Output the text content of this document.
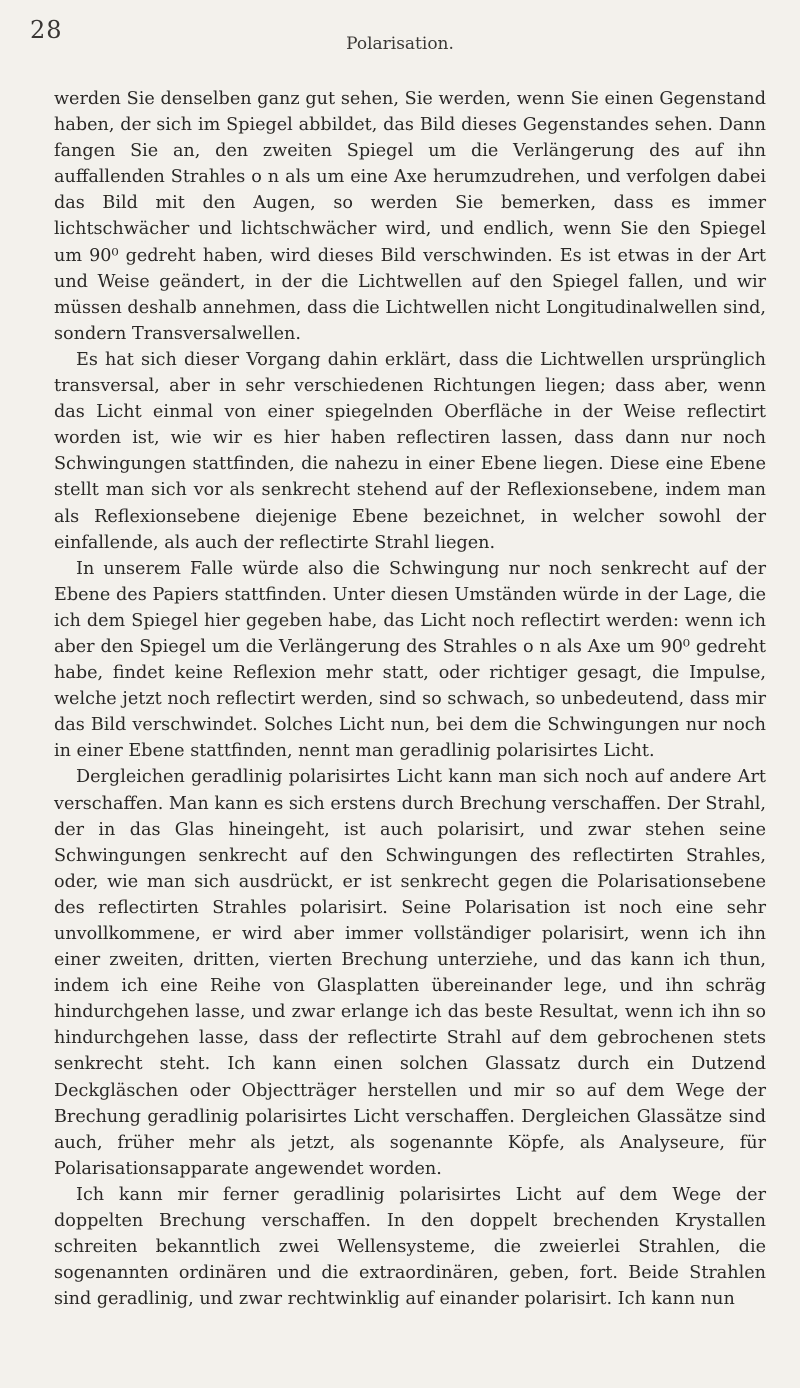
28	Polarisation.

werden Sie denselben ganz gut sehen, Sie werden, wenn Sie einen Gegenstand haben, der sich im Spiegel abbildet, das Bild dieses Gegenstandes sehen. Dann fangen Sie an, den zweiten Spiegel um die Verlängerung des auf ihn auffallenden Strahles o n als um eine Axe herumzudrehen, und verfolgen dabei das Bild mit den Augen, so werden Sie bemerken, dass es immer lichtschwächer und lichtschwächer wird, und endlich, wenn Sie den Spiegel um 90⁰ gedreht haben, wird dieses Bild verschwinden. Es ist etwas in der Art und Weise geändert, in der die Lichtwellen auf den Spiegel fallen, und wir müssen deshalb annehmen, dass die Lichtwellen nicht Longitudinalwellen sind, sondern Transversalwellen.

Es hat sich dieser Vorgang dahin erklärt, dass die Lichtwellen ursprünglich transversal, aber in sehr verschiedenen Richtungen liegen; dass aber, wenn das Licht einmal von einer spiegelnden Oberfläche in der Weise reflectirt worden ist, wie wir es hier haben reflectiren lassen, dass dann nur noch Schwingungen stattfinden, die nahezu in einer Ebene liegen. Diese eine Ebene stellt man sich vor als senkrecht stehend auf der Reflexionsebene, indem man als Reflexionsebene diejenige Ebene bezeichnet, in welcher sowohl der einfallende, als auch der reflectirte Strahl liegen.

In unserem Falle würde also die Schwingung nur noch senkrecht auf der Ebene des Papiers stattfinden. Unter diesen Umständen würde in der Lage, die ich dem Spiegel hier gegeben habe, das Licht noch reflectirt werden: wenn ich aber den Spiegel um die Verlängerung des Strahles o n als Axe um 90⁰ gedreht habe, findet keine Reflexion mehr statt, oder richtiger gesagt, die Impulse, welche jetzt noch reflectirt werden, sind so schwach, so unbedeutend, dass mir das Bild verschwindet. Solches Licht nun, bei dem die Schwingungen nur noch in einer Ebene stattfinden, nennt man geradlinig polarisirtes Licht.

Dergleichen geradlinig polarisirtes Licht kann man sich noch auf andere Art verschaffen. Man kann es sich erstens durch Brechung verschaffen. Der Strahl, der in das Glas hineingeht, ist auch polarisirt, und zwar stehen seine Schwingungen senkrecht auf den Schwingungen des reflectirten Strahles, oder, wie man sich ausdrückt, er ist senkrecht gegen die Polarisationsebene des reflectirten Strahles polarisirt. Seine Polarisation ist noch eine sehr unvollkommene, er wird aber immer vollständiger polarisirt, wenn ich ihn einer zweiten, dritten, vierten Brechung unterziehe, und das kann ich thun, indem ich eine Reihe von Glasplatten übereinander lege, und ihn schräg hindurchgehen lasse, und zwar erlange ich das beste Resultat, wenn ich ihn so hindurchgehen lasse, dass der reflectirte Strahl auf dem gebrochenen stets senkrecht steht. Ich kann einen solchen Glassatz durch ein Dutzend Deckgläschen oder Objectträger herstellen und mir so auf dem Wege der Brechung geradlinig polarisirtes Licht verschaffen. Dergleichen Glassätze sind auch, früher mehr als jetzt, als sogenannte Köpfe, als Analyseure, für Polarisationsapparate angewendet worden.

Ich kann mir ferner geradlinig polarisirtes Licht auf dem Wege der doppelten Brechung verschaffen. In den doppelt brechenden Krystallen schreiten bekanntlich zwei Wellensysteme, die zweierlei Strahlen, die sogenannten ordinären und die extraordinären, geben, fort. Beide Strahlen sind geradlinig, und zwar rechtwinklig auf einander polarisirt. Ich kann nun
